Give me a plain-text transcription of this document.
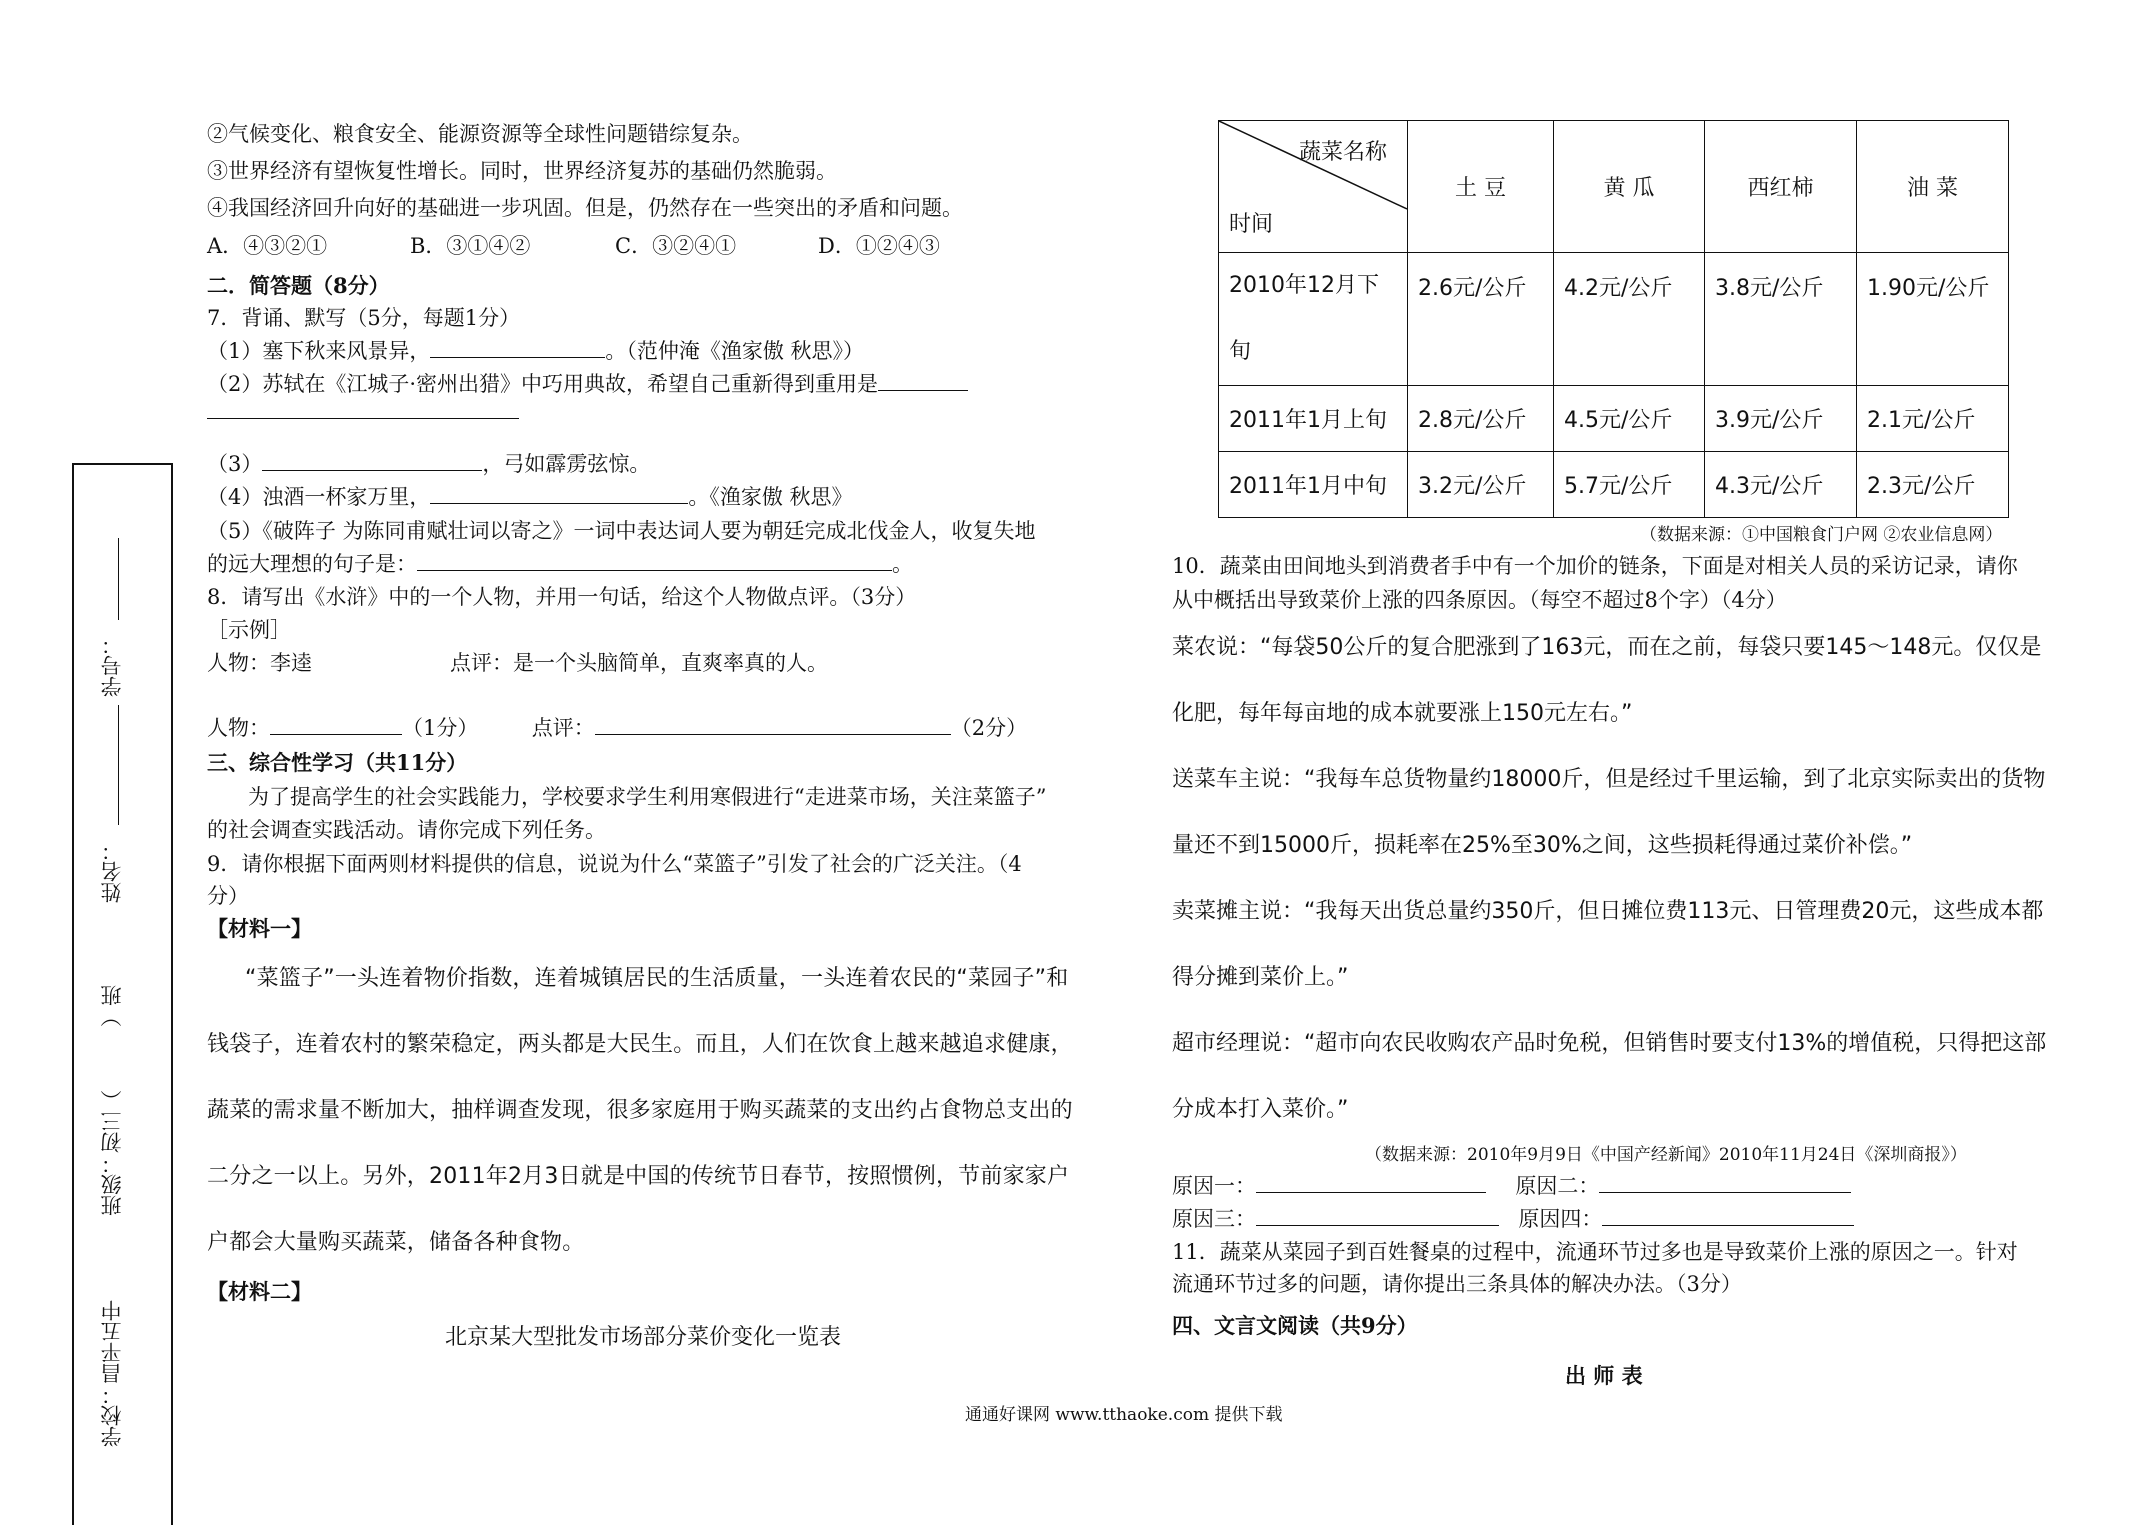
②气候变化、粮食安全、能源资源等全球性问题错综复杂。
③世界经济有望恢复性增长。同时，世界经济复苏的基础仍然脆弱。
④我国经济回升向好的基础进一步巩固。但是，仍然存在一些突出的矛盾和问题。
A．④③②①	B．③①④②	C．③②④①	D．①②④③
二．简答题（8分）
7．背诵、默写（5分，每题1分）
（1）塞下秋来风景异，	。（范仲淹《渔家傲 秋思》）
（2）苏轼在《江城子·密州出猎》中巧用典故，希望自己重新得到重用是
（3）	，弓如霹雳弦惊。
（4）浊酒一杯家万里，	。《渔家傲 秋思》
（5）《破阵子 为陈同甫赋壮词以寄之》一词中表达词人要为朝廷完成北伐金人，收复失地
的远大理想的句子是：	。
8．请写出《水浒》中的一个人物，并用一句话，给这个人物做点评。（3分）
［示例］
人物：李逵	点评：是一个头脑简单，直爽率真的人。
人物：	（1分）	点评：	（2分）
三、综合性学习（共11分）
为了提高学生的社会实践能力，学校要求学生利用寒假进行“走进菜市场，关注菜篮子”
的社会调查实践活动。请你完成下列任务。
9．请你根据下面两则材料提供的信息，说说为什么“菜篮子”引发了社会的广泛关注。（4
分）
【材料一】
“菜篮子”一头连着物价指数，连着城镇居民的生活质量，一头连着农民的“菜园子”和钱袋子，连着农村的繁荣稳定，两头都是大民生。而且，人们在饮食上越来越追求健康，蔬菜的需求量不断加大，抽样调查发现，很多家庭用于购买蔬菜的支出约占食物总支出的二分之一以上。另外，2011年2月3日就是中国的传统节日春节，按照惯例，节前家家户户都会大量购买蔬菜，储备各种食物。
【材料二】
北京某大型批发市场部分菜价变化一览表
学号：
姓名：
）班
班级：初三（
学校：昌平五中
蔬菜名称
时间	土 豆	黄 瓜	西红柿	油 菜
2010年12月下
旬	2.6元/公斤	4.2元/公斤	3.8元/公斤	1.90元/公斤
2011年1月上旬	2.8元/公斤	4.5元/公斤	3.9元/公斤	2.1元/公斤
2011年1月中旬	3.2元/公斤	5.7元/公斤	4.3元/公斤	2.3元/公斤
（数据来源：①中国粮食门户网 ②农业信息网）
10．蔬菜由田间地头到消费者手中有一个加价的链条，下面是对相关人员的采访记录，请你
从中概括出导致菜价上涨的四条原因。（每空不超过8个字）（4分）
菜农说：“每袋50公斤的复合肥涨到了163元，而在之前，每袋只要145～148元。仅仅是化肥，每年每亩地的成本就要涨上150元左右。”
送菜车主说：“我每车总货物量约18000斤，但是经过千里运输，到了北京实际卖出的货物量还不到15000斤，损耗率在25%至30%之间，这些损耗得通过菜价补偿。”
卖菜摊主说：“我每天出货总量约350斤，但日摊位费113元、日管理费20元，这些成本都得分摊到菜价上。”
超市经理说：“超市向农民收购农产品时免税，但销售时要支付13%的增值税，只得把这部分成本打入菜价。”
（数据来源：2010年9月9日《中国产经新闻》2010年11月24日《深圳商报》）
原因一：	原因二：
原因三：	原因四：
11．蔬菜从菜园子到百姓餐桌的过程中，流通环节过多也是导致菜价上涨的原因之一。针对
流通环节过多的问题，请你提出三条具体的解决办法。（3分）
四、文言文阅读（共9分）
出 师 表
通通好课网 www.tthaoke.com 提供下载
